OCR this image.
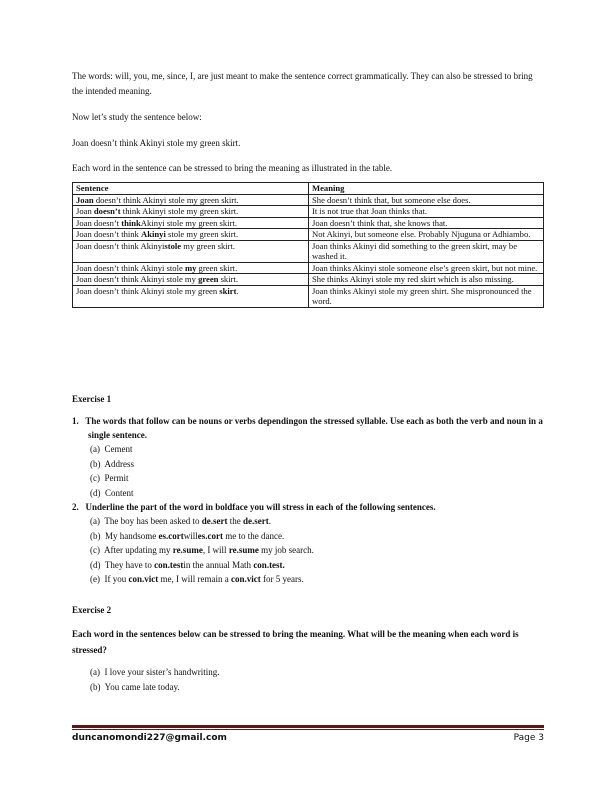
The words: will, you, me, since, I, are just meant to make the sentence correct grammatically. They can also be stressed to bring the intended meaning.

Now let’s study the sentence below:
Joan doesn’t think Akinyi stole my green skirt.
Each word in the sentence can be stressed to bring the meaning as illustrated in the table.
Sentence	Meaning
Joan doesn’t think Akinyi stole my green skirt.	She doesn’t think that, but someone else does.
Joan doesn’t think Akinyi stole my green skirt.	It is not true that Joan thinks that.
Joan doesn’t thinkAkinyi stole my green skirt.	Joan doesn’t think that, she knows that.
Joan doesn’t think Akinyi stole my green skirt.	Not Akinyi, but someone else. Probably Njuguna or Adhiambo.
Joan doesn’t think Akinyistole my green skirt.	Joan thinks Akinyi did something to the green skirt, may be washed it.
Joan doesn’t think Akinyi stole my green skirt.	Joan thinks Akinyi stole someone else’s green skirt, but not mine.
Joan doesn’t think Akinyi stole my green skirt.	She thinks Akinyi stole my red skirt which is also missing.
Joan doesn’t think Akinyi stole my green skirt.	Joan thinks Akinyi stole my green shirt. She mispronounced the word.
Exercise 1
1.   The words that follow can be nouns or verbs dependingon the stressed syllable. Use each as both the verb and noun in a single sentence.
(a)  Cement
(b)  Address
(c)  Permit
(d)  Content
2.   Underline the part of the word in boldface you will stress in each of the following sentences.
(a)  The boy has been asked to de.sert the de.sert.
(b)  My handsome es.cortwilles.cort me to the dance.
(c)  After updating my re.sume, I will re.sume my job search.
(d)  They have to con.testin the annual Math con.test.
(e)  If you con.vict me, I will remain a con.vict for 5 years.
Exercise 2
Each word in the sentences below can be stressed to bring the meaning. What will be the meaning when each word is stressed?
(a)  I love your sister’s handwriting.
(b)  You came late today.
duncanomondi227@gmail.com	Page 3
